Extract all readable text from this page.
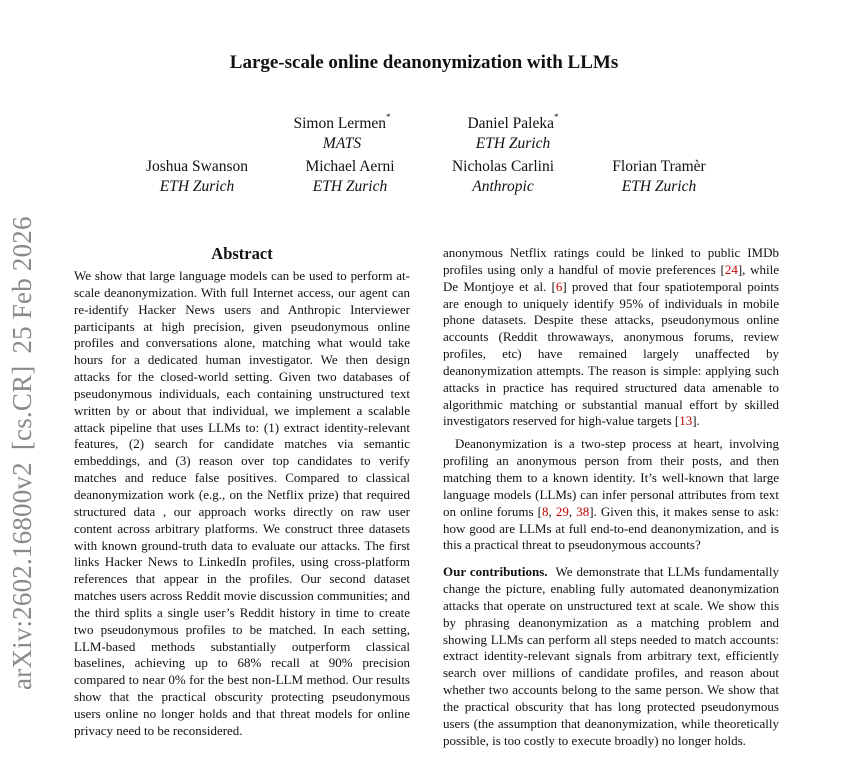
arXiv:2602.16800v2[cs.CR]25 Feb 2026
Large-scale online deanonymization with LLMs
Simon Lermen*
MATS
Daniel Paleka*
ETH Zurich
Joshua Swanson
ETH Zurich
Michael Aerni
ETH Zurich
Nicholas Carlini
Anthropic
Florian Tramèr
ETH Zurich
Abstract

We show that large language models can be used to perform at-scale deanonymization. With full Internet access, our agent can re-identify Hacker News users and Anthropic Interviewer participants at high precision, given pseudonymous online profiles and conversations alone, matching what would take hours for a dedicated human investigator. We then design attacks for the closed-world setting. Given two databases of pseudonymous individuals, each containing unstructured text written by or about that individual, we implement a scalable attack pipeline that uses LLMs to: (1) extract identity-relevant features, (2) search for candidate matches via semantic embeddings, and (3) reason over top candidates to verify matches and reduce false positives. Compared to classical deanonymization work (e.g., on the Netflix prize) that required structured data , our approach works directly on raw user content across arbitrary platforms. We construct three datasets with known ground-truth data to evaluate our attacks. The first links Hacker News to LinkedIn profiles, using cross-platform references that appear in the profiles. Our second dataset matches users across Reddit movie discussion communities; and the third splits a single user’s Reddit history in time to create two pseudonymous profiles to be matched. In each setting, LLM-based methods substantially outperform classical baselines, achieving up to 68% recall at 90% precision compared to near 0% for the best non-LLM method. Our results show that the practical obscurity protecting pseudonymous users online no longer holds and that threat models for online privacy need to be reconsidered.

anonymous Netflix ratings could be linked to public IMDb profiles using only a handful of movie preferences [24], while De Montjoye et al. [6] proved that four spatiotemporal points are enough to uniquely identify 95% of individuals in mobile phone datasets. Despite these attacks, pseudonymous online accounts (Reddit throwaways, anonymous forums, review profiles, etc) have remained largely unaffected by deanonymization attempts. The reason is simple: applying such attacks in practice has required structured data amenable to algorithmic matching or substantial manual effort by skilled investigators reserved for high-value targets [13].

Deanonymization is a two-step process at heart, involving profiling an anonymous person from their posts, and then matching them to a known identity. It’s well-known that large language models (LLMs) can infer personal attributes from text on online forums [8, 29, 38]. Given this, it makes sense to ask: how good are LLMs at full end-to-end deanonymization, and is this a practical threat to pseudonymous accounts?

Our contributions. We demonstrate that LLMs fundamentally change the picture, enabling fully automated deanonymization attacks that operate on unstructured text at scale. We show this by phrasing deanonymization as a matching problem and showing LLMs can perform all steps needed to match accounts: extract identity-relevant signals from arbitrary text, efficiently search over millions of candidate profiles, and reason about whether two accounts belong to the same person. We show that the practical obscurity that has long protected pseudonymous users (the assumption that deanonymization, while theoretically possible, is too costly to execute broadly) no longer holds.
